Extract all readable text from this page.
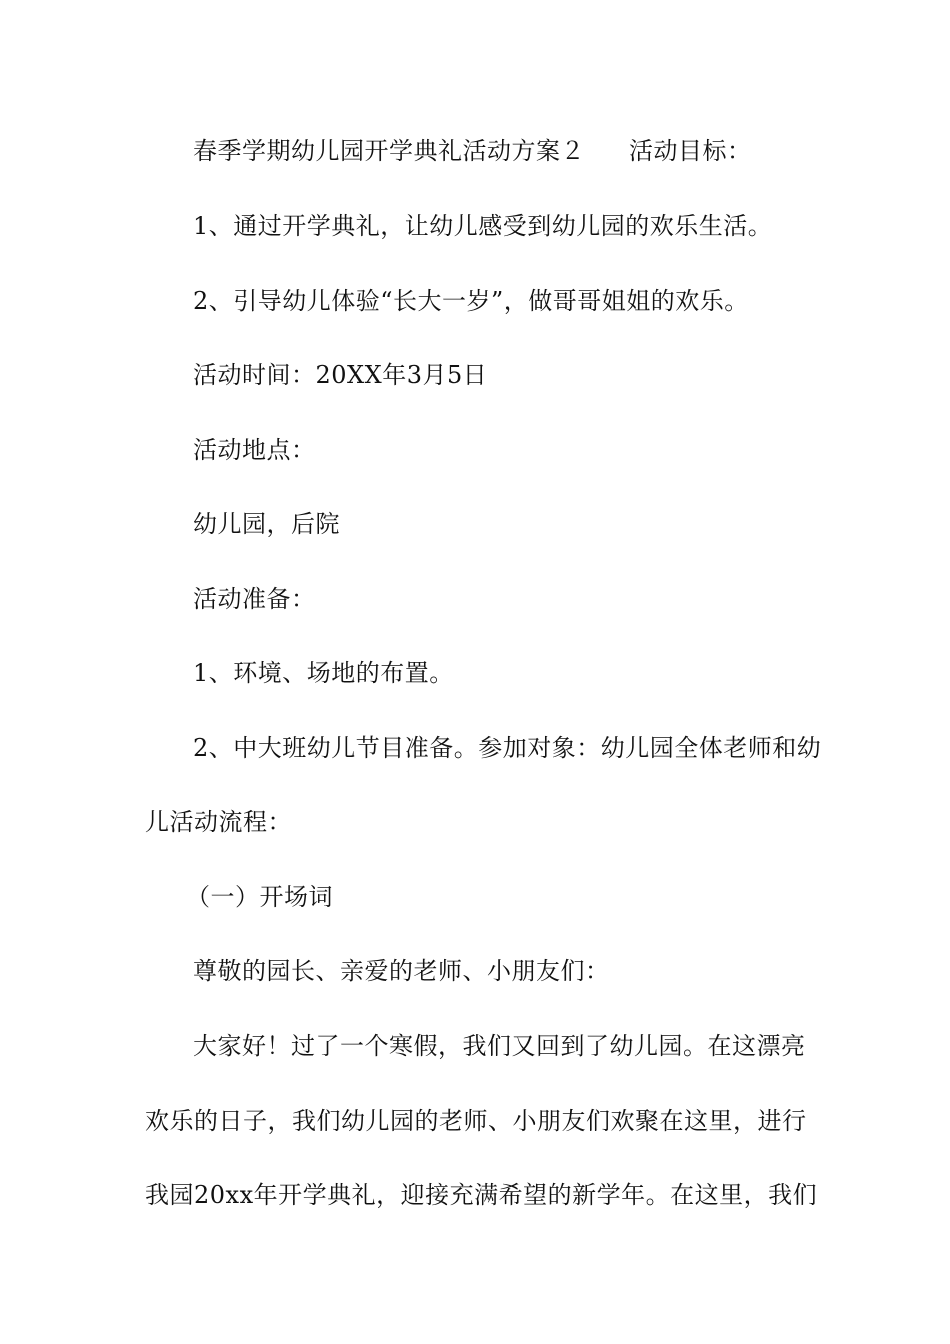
春季学期幼儿园开学典礼活动方案２ 活动目标：
1、通过开学典礼，让幼儿感受到幼儿园的欢乐生活。
2、引导幼儿体验“长大一岁”，做哥哥姐姐的欢乐。
活动时间：20XX年3月5日
活动地点：
幼儿园，后院
活动准备：
1、环境、场地的布置。
2、中大班幼儿节目准备。参加对象：幼儿园全体老师和幼
儿活动流程：
（一）开场词
尊敬的园长、亲爱的老师、小朋友们：
大家好！过了一个寒假，我们又回到了幼儿园。在这漂亮
欢乐的日子，我们幼儿园的老师、小朋友们欢聚在这里，进行
我园20xx年开学典礼，迎接充满希望的新学年。在这里，我们
